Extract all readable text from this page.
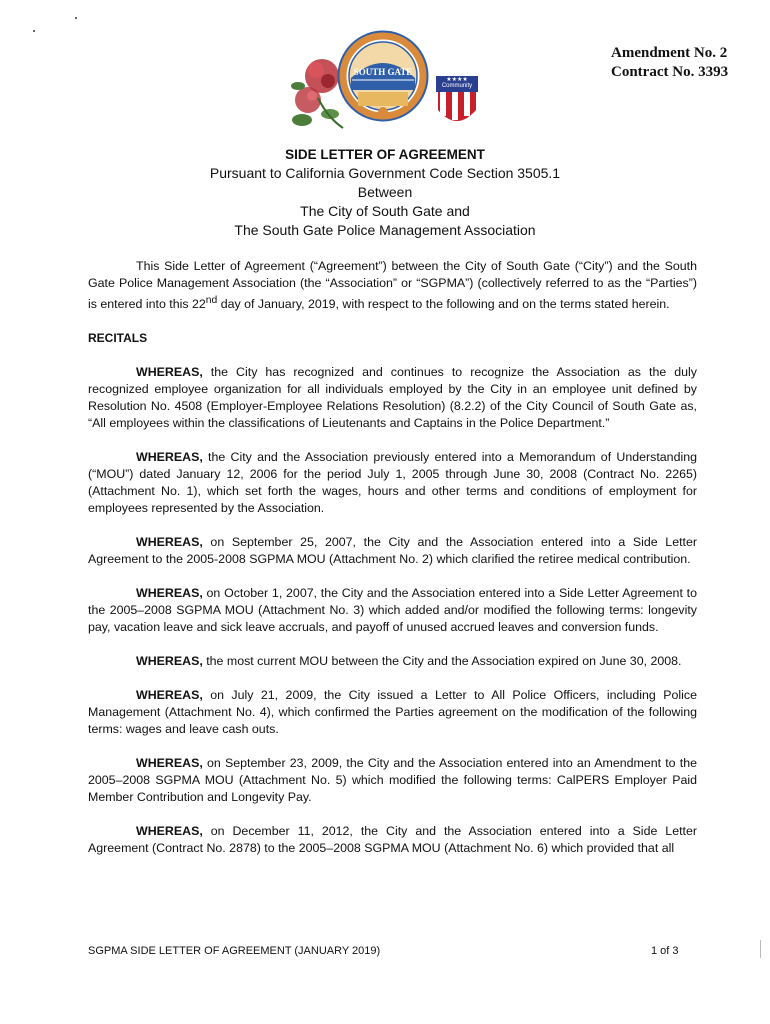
SOUTH GATE
Community
★★★★
Amendment No. 2
Contract No. 3393
SIDE LETTER OF AGREEMENT
Pursuant to California Government Code Section 3505.1
Between
The City of South Gate and
The South Gate Police Management Association

This Side Letter of Agreement (“Agreement”) between the City of South Gate (“City”) and the South Gate Police Management Association (the “Association” or “SGPMA”) (collectively referred to as the “Parties”) is entered into this 22nd day of January, 2019, with respect to the following and on the terms stated herein.

RECITALS

WHEREAS, the City has recognized and continues to recognize the Association as the duly recognized employee organization for all individuals employed by the City in an employee unit defined by Resolution No. 4508 (Employer-Employee Relations Resolution) (8.2.2) of the City Council of South Gate as, “All employees within the classifications of Lieutenants and Captains in the Police Department.”

WHEREAS, the City and the Association previously entered into a Memorandum of Understanding (“MOU”) dated January 12, 2006 for the period July 1, 2005 through June 30, 2008 (Contract No. 2265) (Attachment No. 1), which set forth the wages, hours and other terms and conditions of employment for employees represented by the Association.

WHEREAS, on September 25, 2007, the City and the Association entered into a Side Letter Agreement to the 2005-2008 SGPMA MOU (Attachment No. 2) which clarified the retiree medical contribution.

WHEREAS, on October 1, 2007, the City and the Association entered into a Side Letter Agreement to the 2005–2008 SGPMA MOU (Attachment No. 3) which added and/or modified the following terms: longevity pay, vacation leave and sick leave accruals, and payoff of unused accrued leaves and conversion funds.

WHEREAS, the most current MOU between the City and the Association expired on June 30, 2008.

WHEREAS, on July 21, 2009, the City issued a Letter to All Police Officers, including Police Management (Attachment No. 4), which confirmed the Parties agreement on the modification of the following terms: wages and leave cash outs.

WHEREAS, on September 23, 2009, the City and the Association entered into an Amendment to the 2005–2008 SGPMA MOU (Attachment No. 5) which modified the following terms: CalPERS Employer Paid Member Contribution and Longevity Pay.

WHEREAS, on December 11, 2012, the City and the Association entered into a Side Letter Agreement (Contract No. 2878) to the 2005–2008 SGPMA MOU (Attachment No. 6) which provided that all

SGPMA SIDE LETTER OF AGREEMENT (JANUARY 2019)	1 of 3
